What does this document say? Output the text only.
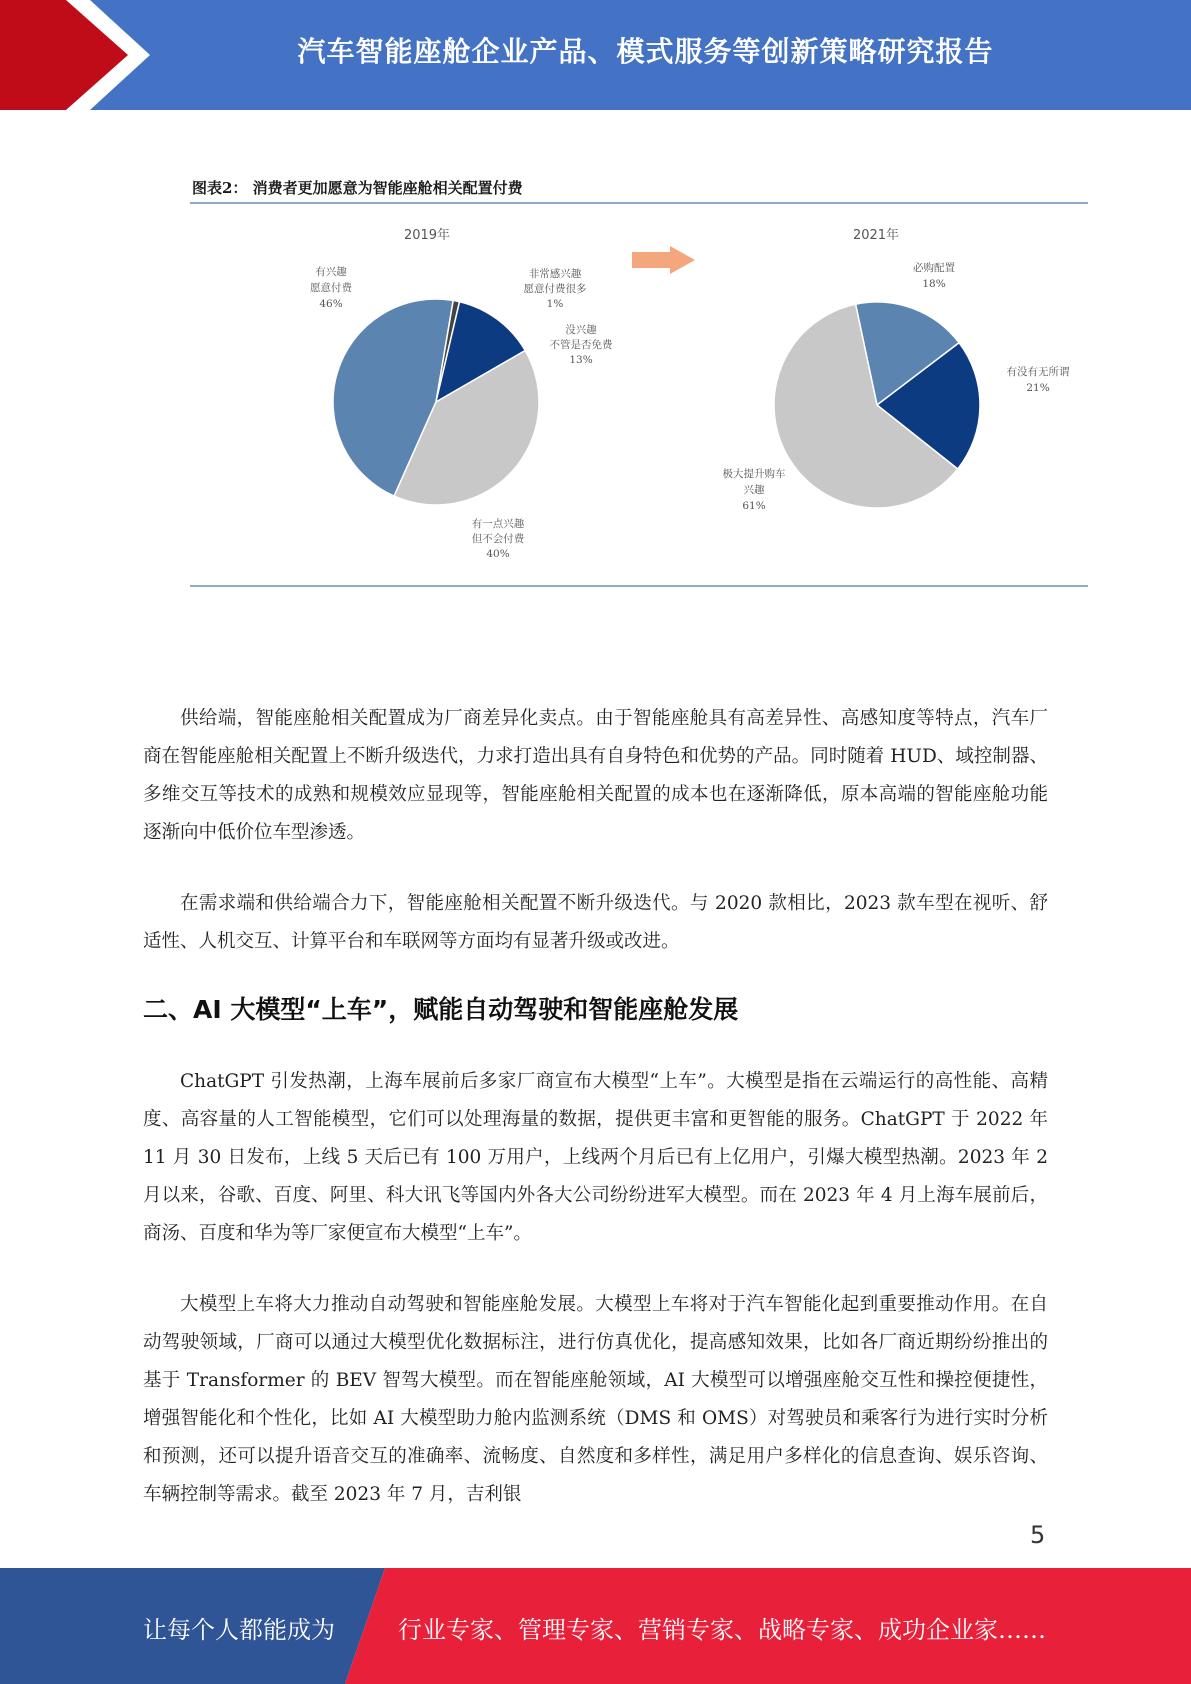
汽车智能座舱企业产品、模式服务等创新策略研究报告
图表2： 消费者更加愿意为智能座舱相关配置付费
2019年	2021年
有兴趣
愿意付费
46%
非常感兴趣
愿意付费很多
1%
没兴趣
不管是否免费
13%
有一点兴趣
但不会付费
40%
必购配置
18%
有没有无所谓
21%
极大提升购车
兴趣
61%

供给端，智能座舱相关配置成为厂商差异化卖点。由于智能座舱具有高差异性、高感知度等特点，汽车厂商在智能座舱相关配置上不断升级迭代，力求打造出具有自身特色和优势的产品。同时随着 HUD、域控制器、多维交互等技术的成熟和规模效应显现等，智能座舱相关配置的成本也在逐渐降低，原本高端的智能座舱功能逐渐向中低价位车型渗透。

在需求端和供给端合力下，智能座舱相关配置不断升级迭代。与 2020 款相比，2023 款车型在视听、舒适性、人机交互、计算平台和车联网等方面均有显著升级或改进。

二、AI 大模型“上车”，赋能自动驾驶和智能座舱发展

ChatGPT 引发热潮，上海车展前后多家厂商宣布大模型“上车”。大模型是指在云端运行的高性能、高精度、高容量的人工智能模型，它们可以处理海量的数据，提供更丰富和更智能的服务。ChatGPT 于 2022 年 11 月 30 日发布，上线 5 天后已有 100 万用户，上线两个月后已有上亿用户，引爆大模型热潮。2023 年 2 月以来，谷歌、百度、阿里、科大讯飞等国内外各大公司纷纷进军大模型。而在 2023 年 4 月上海车展前后，商汤、百度和华为等厂家便宣布大模型“上车”。

大模型上车将大力推动自动驾驶和智能座舱发展。大模型上车将对于汽车智能化起到重要推动作用。在自动驾驶领域，厂商可以通过大模型优化数据标注，进行仿真优化，提高感知效果，比如各厂商近期纷纷推出的基于 Transformer 的 BEV 智驾大模型。而在智能座舱领域，AI 大模型可以增强座舱交互性和操控便捷性，增强智能化和个性化，比如 AI 大模型助力舱内监测系统（DMS 和 OMS）对驾驶员和乘客行为进行实时分析和预测，还可以提升语音交互的准确率、流畅度、自然度和多样性，满足用户多样化的信息查询、娱乐咨询、车辆控制等需求。截至 2023 年 7 月，吉利银

5
让每个人都能成为	行业专家、管理专家、营销专家、战略专家、成功企业家……
